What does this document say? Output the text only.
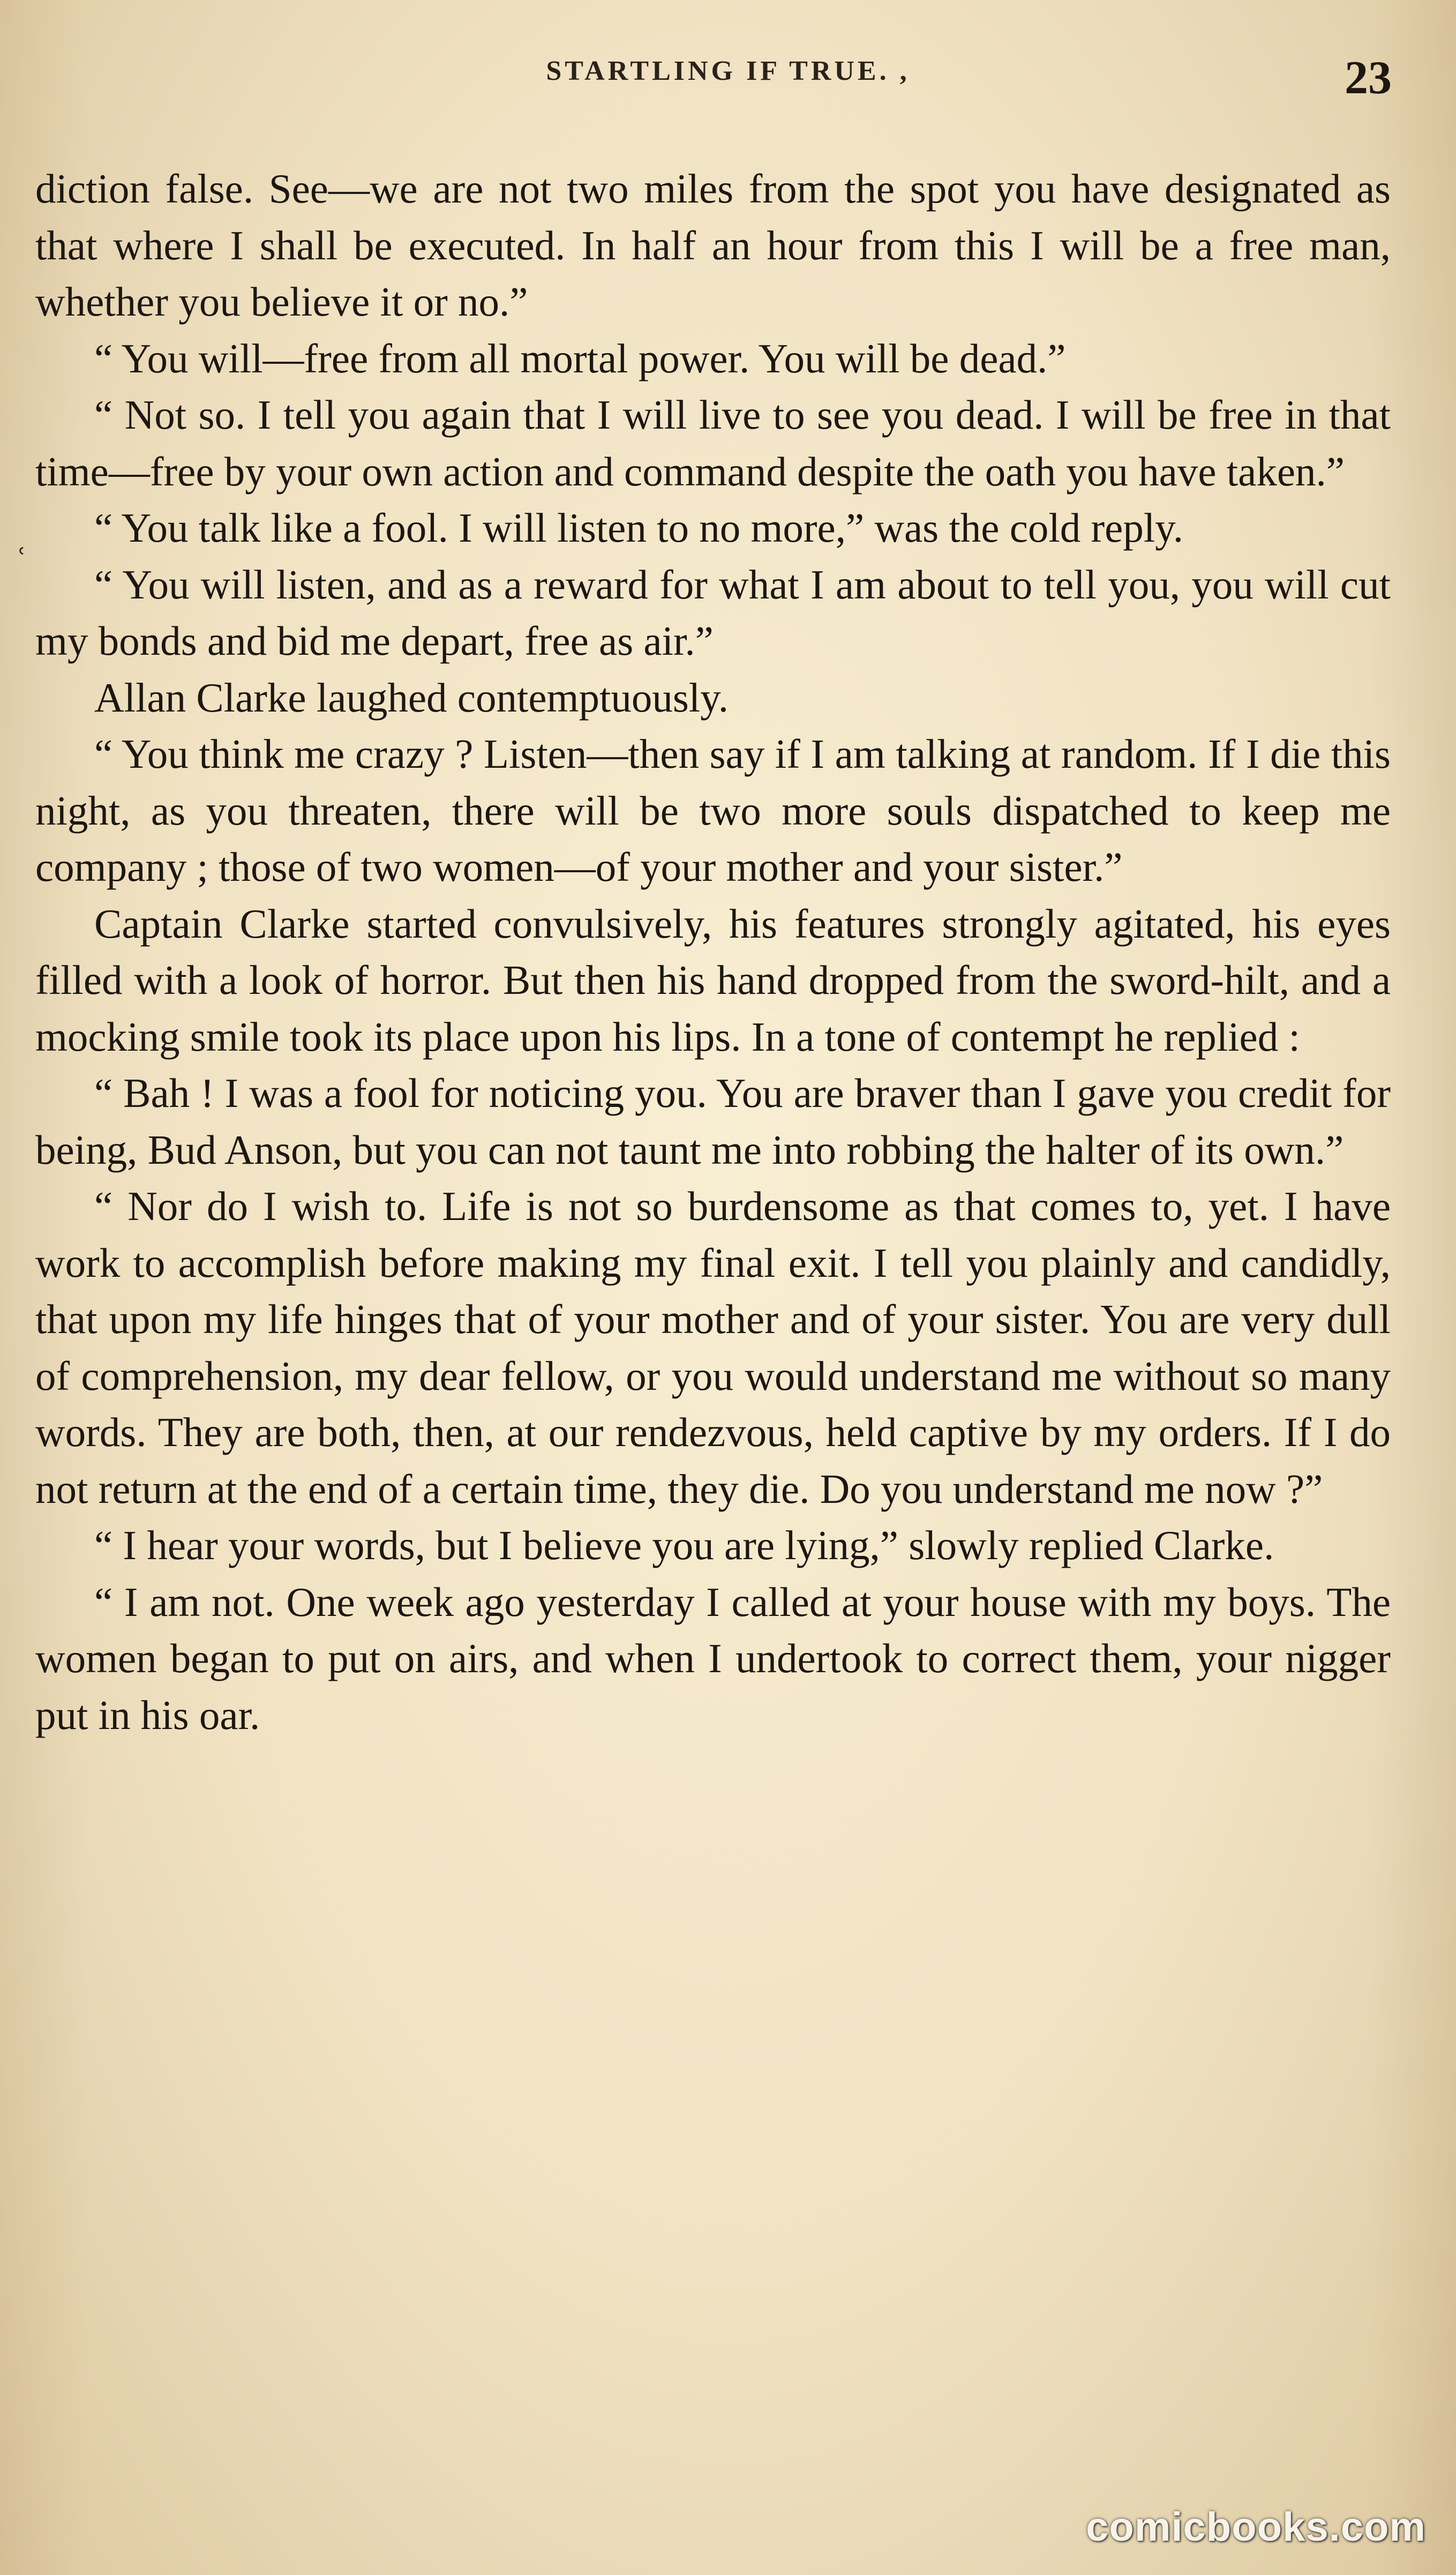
STARTLING IF TRUE. ,	23
ʿ

diction false. See—we are not two miles from the spot you have designated as that where I shall be executed. In half an hour from this I will be a free man, whether you believe it or no.”

“ You will—free from all mortal power. You will be dead.”

“ Not so. I tell you again that I will live to see you dead. I will be free in that time—free by your own action and command despite the oath you have taken.”

“ You talk like a fool. I will listen to no more,” was the cold reply.

“ You will listen, and as a reward for what I am about to tell you, you will cut my bonds and bid me depart, free as air.”

Allan Clarke laughed contemptuously.

“ You think me crazy ? Listen—then say if I am talking at random. If I die this night, as you threaten, there will be two more souls dispatched to keep me company ; those of two women—of your mother and your sister.”

Captain Clarke started convulsively, his features strongly agitated, his eyes filled with a look of horror. But then his hand dropped from the sword-hilt, and a mocking smile took its place upon his lips. In a tone of contempt he replied :

“ Bah ! I was a fool for noticing you. You are braver than I gave you credit for being, Bud Anson, but you can not taunt me into robbing the halter of its own.”

“ Nor do I wish to. Life is not so burdensome as that comes to, yet. I have work to accomplish before making my final exit. I tell you plainly and candidly, that upon my life hinges that of your mother and of your sister. You are very dull of comprehension, my dear fellow, or you would understand me without so many words. They are both, then, at our rendezvous, held captive by my orders. If I do not return at the end of a certain time, they die. Do you understand me now ?”

“ I hear your words, but I believe you are lying,” slowly replied Clarke.

“ I am not. One week ago yesterday I called at your house with my boys. The women began to put on airs, and when I undertook to correct them, your nigger put in his oar.

comicbooks.com
